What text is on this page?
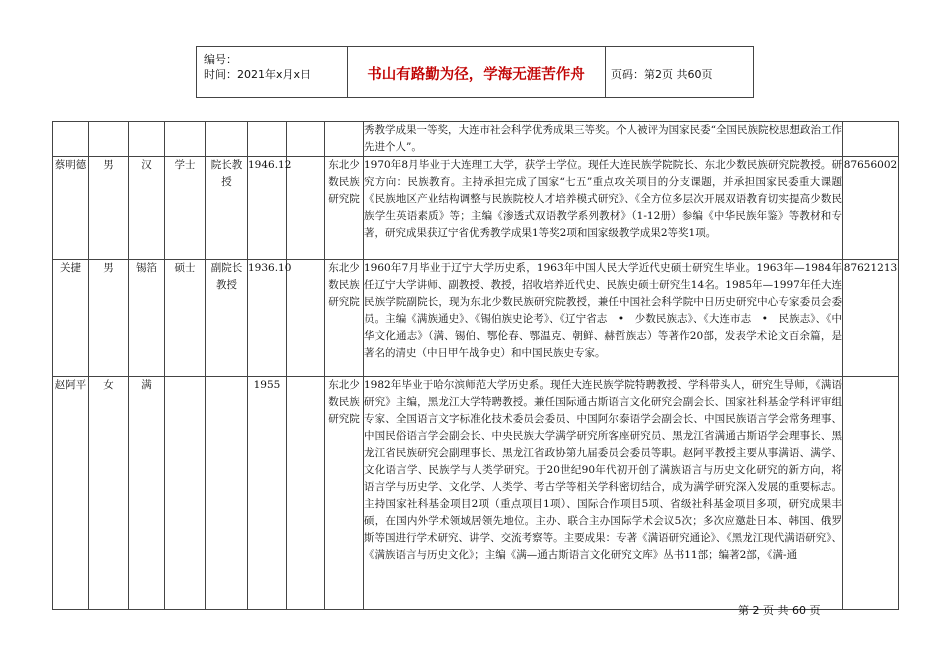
编号：
时间：2021年x月x日	书山有路勤为径，学海无涯苦作舟	页码：第2页 共60页
								秀教学成果一等奖，大连市社会科学优秀成果三等奖。个人被评为国家民委“全国民族院校思想政治工作先进个人”。	
蔡明德	男	汉	学士	院长教授	1946.12		东北少数民族研究院	1970年8月毕业于大连理工大学，获学士学位。现任大连民族学院院长、东北少数民族研究院教授。研究方向：民族教育。主持承担完成了国家“七五”重点攻关项目的分支课题，并承担国家民委重大课题《民族地区产业结构调整与民族院校人才培养模式研究》、《全方位多层次开展双语教育切实提高少数民族学生英语素质》等；主编《渗透式双语教学系列教材》（1-12册）参编《中华民族年鉴》等教材和专著，研究成果获辽宁省优秀教学成果1等奖2项和国家级教学成果2等奖1项。	87656002
关捷	男	锡箔	硕士	副院长教授	1936.10		东北少数民族研究院	1960年7月毕业于辽宁大学历史系，1963年中国人民大学近代史硕士研究生毕业。1963年—1984年任辽宁大学讲师、副教授、教授，招收培养近代史、民族史硕士研究生14名。1985年—1997年任大连民族学院副院长，现为东北少数民族研究院教授，兼任中国社会科学院中日历史研究中心专家委员会委员。主编《满族通史》、《锡伯族史论考》、《辽宁省志　•　少数民族志》、《大连市志　•　民族志》、《中华文化通志》（满、锡伯、鄂伦春、鄂温克、朝鲜、赫哲族志）等著作20部，发表学术论文百余篇，是著名的清史（中日甲午战争史）和中国民族史专家。	87621213
赵阿平	女	满			1955		东北少数民族研究院	1982年毕业于哈尔滨师范大学历史系。现任大连民族学院特聘教授、学科带头人，研究生导师，《满语研究》主编，黑龙江大学特聘教授。兼任国际通古斯语言文化研究会副会长、国家社科基金学科评审组专家、全国语言文字标准化技术委员会委员、中国阿尔泰语学会副会长、中国民族语言学会常务理事、中国民俗语言学会副会长、中央民族大学满学研究所客座研究员、黑龙江省满通古斯语学会理事长、黑龙江省民族研究会副理事长、黑龙江省政协第九届委员会委员等职。赵阿平教授主要从事满语、满学、文化语言学、民族学与人类学研究。于20世纪90年代初开创了满族语言与历史文化研究的新方向，将语言学与历史学、文化学、人类学、考古学等相关学科密切结合，成为满学研究深入发展的重要标志。主持国家社科基金项目2项（重点项目1项）、国际合作项目5项、省级社科基金项目多项，研究成果丰硕，在国内外学术领域居领先地位。主办、联合主办国际学术会议5次；多次应邀赴日本、韩国、俄罗斯等国进行学术研究、讲学、交流考察等。主要成果：专著《满语研究通论》、《黑龙江现代满语研究》、《满族语言与历史文化》；主编《满—通古斯语言文化研究文库》丛书11部；编著2部，《满-通	
第 2 页 共 60 页
